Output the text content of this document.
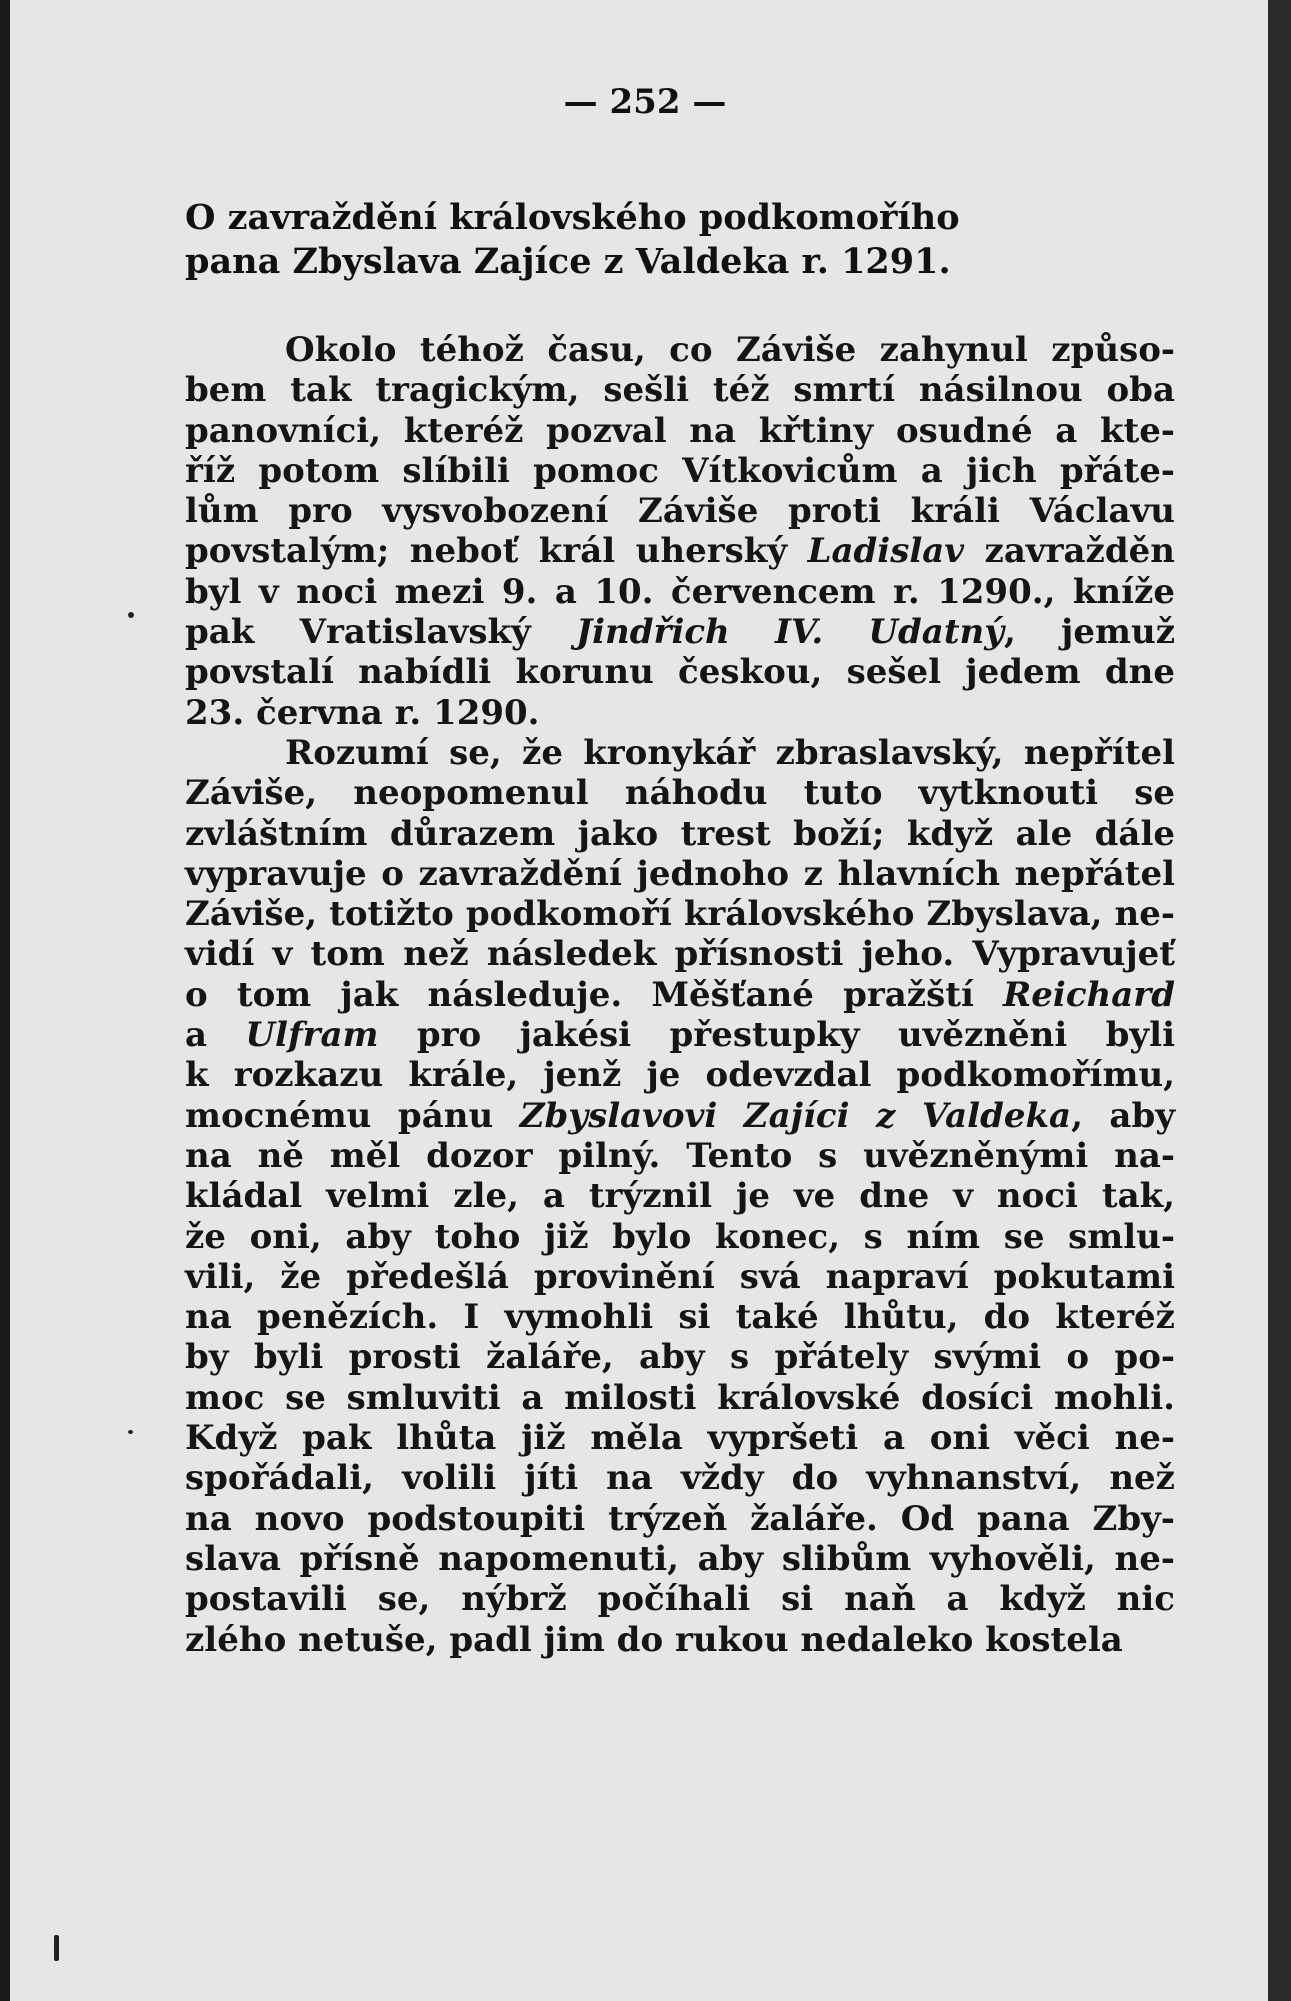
— 252 —
O zavraždění královského podkomořího
pana Zbyslava Zajíce z Valdeka r. 1291.
Okolo téhož času, co Záviše zahynul způso-
bem tak tragickým, sešli též smrtí násilnou oba
panovníci, kteréž pozval na křtiny osudné a kte-
říž potom slíbili pomoc Vítkovicům a jich přáte-
lům pro vysvobození Záviše proti králi Václavu
povstalým; neboť král uherský Ladislav zavražděn
byl v noci mezi 9. a 10. červencem r. 1290., kníže
pak Vratislavský Jindřich IV. Udatný, jemuž
povstalí nabídli korunu českou, sešel jedem dne
23. června r. 1290.
Rozumí se, že kronykář zbraslavský, nepřítel
Záviše, neopomenul náhodu tuto vytknouti se
zvláštním důrazem jako trest boží; když ale dále
vypravuje o zavraždění jednoho z hlavních nepřátel
Záviše, totižto podkomoří královského Zbyslava, ne-
vidí v tom než následek přísnosti jeho. Vypravujeť
o tom jak následuje. Měšťané pražští Reichard
a Ulfram pro jakési přestupky uvězněni byli
k rozkazu krále, jenž je odevzdal podkomořímu,
mocnému pánu Zbyslavovi Zajíci z Valdeka, aby
na ně měl dozor pilný. Tento s uvězněnými na-
kládal velmi zle, a trýznil je ve dne v noci tak,
že oni, aby toho již bylo konec, s ním se smlu-
vili, že předešlá provinění svá napraví pokutami
na penězích. I vymohli si také lhůtu, do kteréž
by byli prosti žaláře, aby s přátely svými o po-
moc se smluviti a milosti královské dosíci mohli.
Když pak lhůta již měla vypršeti a oni věci ne-
spořádali, volili jíti na vždy do vyhnanství, než
na novo podstoupiti trýzeň žaláře. Od pana Zby-
slava přísně napomenuti, aby slibům vyhověli, ne-
postavili se, nýbrž počíhali si naň a když nic
zlého netuše, padl jim do rukou nedaleko kostela
